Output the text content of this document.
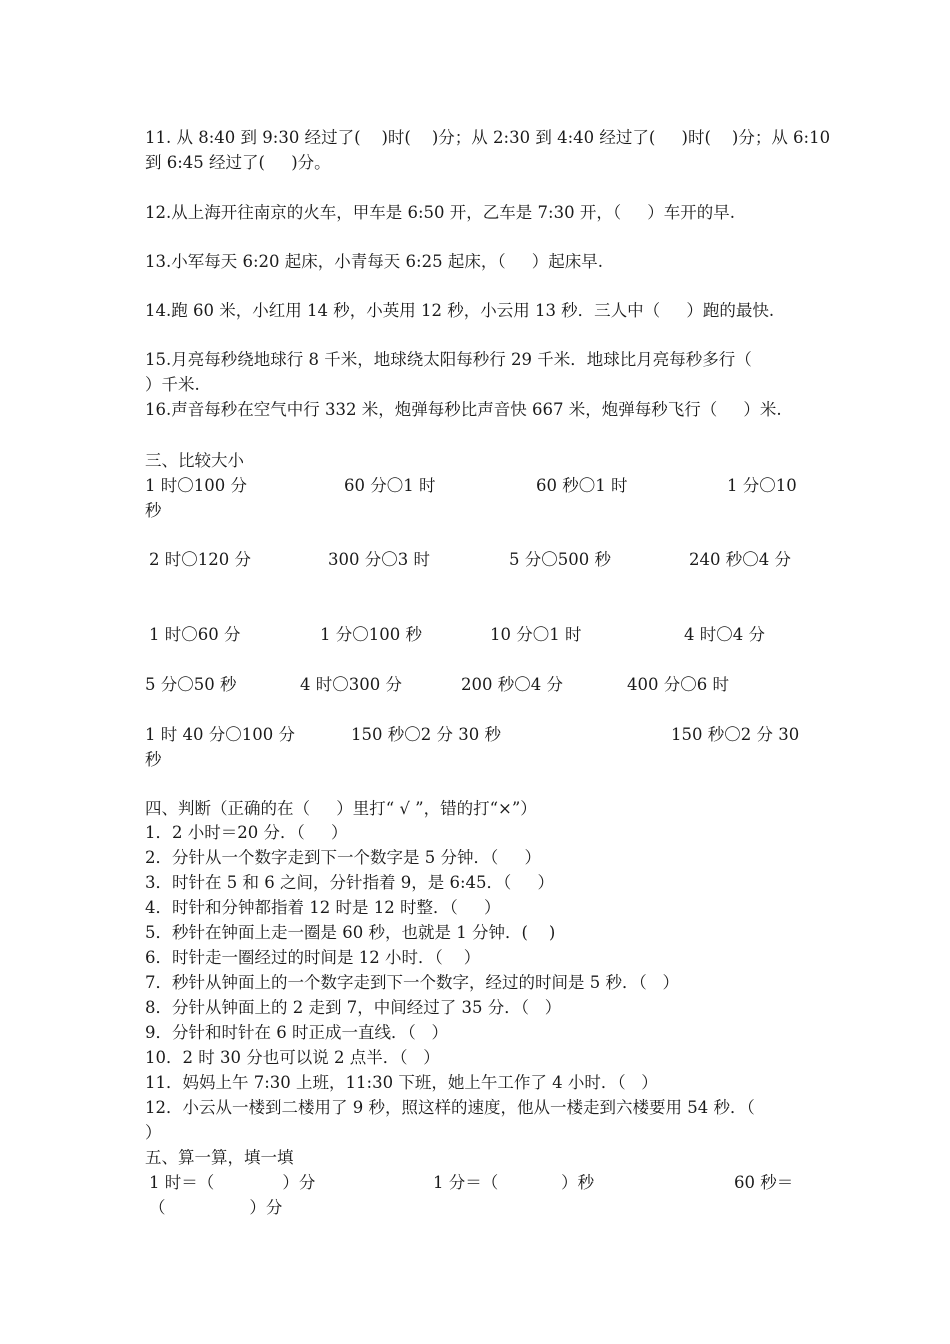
11. 从 8:40 到 9:30 经过了(    )时(    )分；从 2:30 到 4:40 经过了(     )时(    )分；从 6:10
到 6:45 经过了(     )分。
12.从上海开往南京的火车，甲车是 6:50 开，乙车是 7:30 开，（     ）车开的早.
13.小军每天 6:20 起床，小青每天 6:25 起床，（     ）起床早.
14.跑 60 米，小红用 14 秒，小英用 12 秒，小云用 13 秒．三人中（     ）跑的最快.
15.月亮每秒绕地球行 8 千米，地球绕太阳每秒行 29 千米．地球比月亮每秒多行（
）千米.
16.声音每秒在空气中行 332 米，炮弹每秒比声音快 667 米，炮弹每秒飞行（     ）米.
三、比较大小
1 时〇100 分	60 分〇1 时	60 秒〇1 时	1 分〇10
秒
2 时〇120 分	300 分〇3 时	5 分〇500 秒	240 秒〇4 分
1 时〇60 分	1 分〇100 秒	10 分〇1 时	4 时〇4 分
5 分〇50 秒	4 时〇300 分	200 秒〇4 分	400 分〇6 时
1 时 40 分〇100 分	150 秒〇2 分 30 秒	150 秒〇2 分 30
秒
四、判断（正确的在（     ）里打“ √ ”，错的打“×”）
1．2 小时＝20 分．（     ）
2．分针从一个数字走到下一个数字是 5 分钟．（     ）
3．时针在 5 和 6 之间，分针指着 9，是 6:45．（     ）
4．时针和分钟都指着 12 时是 12 时整．（     ）
5．秒针在钟面上走一圈是 60 秒，也就是 1 分钟．(    )
6．时针走一圈经过的时间是 12 小时．（    ）
7．秒针从钟面上的一个数字走到下一个数字，经过的时间是 5 秒．（   ）
8．分针从钟面上的 2 走到 7，中间经过了 35 分．（   ）
9．分针和时针在 6 时正成一直线．（   ）
10．2 时 30 分也可以说 2 点半．（   ）
11．妈妈上午 7:30 上班，11:30 下班，她上午工作了 4 小时．（   ）
12．小云从一楼到二楼用了 9 秒，照这样的速度，他从一楼走到六楼要用 54 秒．（
）
五、算一算，填一填
1 时＝（             ）分	1 分＝（            ）秒	60 秒＝
（                ）分
